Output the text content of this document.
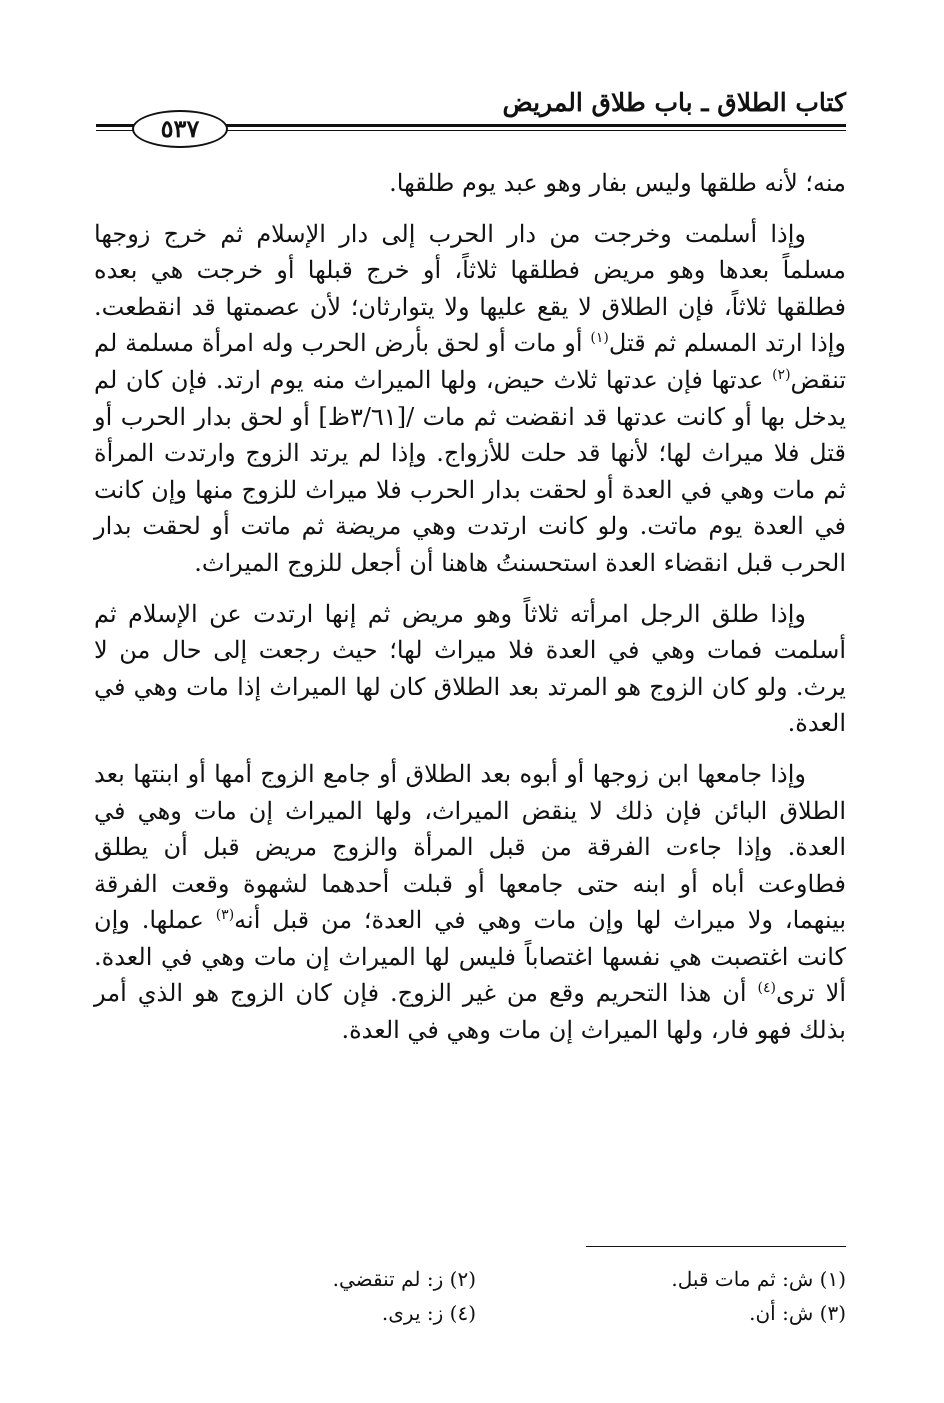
كتاب الطلاق ـ باب طلاق المريض
٥٣٧

منه؛ لأنه طلقها وليس بفار وهو عبد يوم طلقها.

وإذا أسلمت وخرجت من دار الحرب إلى دار الإسلام ثم خرج زوجها مسلماً بعدها وهو مريض فطلقها ثلاثاً، أو خرج قبلها أو خرجت هي بعده فطلقها ثلاثاً، فإن الطلاق لا يقع عليها ولا يتوارثان؛ لأن عصمتها قد انقطعت. وإذا ارتد المسلم ثم قتل$^{(١)}$ أو مات أو لحق بأرض الحرب وله امرأة مسلمة لم تنقض$^{(٢)}$ عدتها فإن عدتها ثلاث حيض، ولها الميراث منه يوم ارتد. فإن كان لم يدخل بها أو كانت عدتها قد انقضت ثم مات /[٣/٦١ظ] أو لحق بدار الحرب أو قتل فلا ميراث لها؛ لأنها قد حلت للأزواج. وإذا لم يرتد الزوج وارتدت المرأة ثم مات وهي في العدة أو لحقت بدار الحرب فلا ميراث للزوج منها وإن كانت في العدة يوم ماتت. ولو كانت ارتدت وهي مريضة ثم ماتت أو لحقت بدار الحرب قبل انقضاء العدة استحسنتُ هاهنا أن أجعل للزوج الميراث.

وإذا طلق الرجل امرأته ثلاثاً وهو مريض ثم إنها ارتدت عن الإسلام ثم أسلمت فمات وهي في العدة فلا ميراث لها؛ حيث رجعت إلى حال من لا يرث. ولو كان الزوج هو المرتد بعد الطلاق كان لها الميراث إذا مات وهي في العدة.

وإذا جامعها ابن زوجها أو أبوه بعد الطلاق أو جامع الزوج أمها أو ابنتها بعد الطلاق البائن فإن ذلك لا ينقض الميراث، ولها الميراث إن مات وهي في العدة. وإذا جاءت الفرقة من قبل المرأة والزوج مريض قبل أن يطلق فطاوعت أباه أو ابنه حتى جامعها أو قبلت أحدهما لشهوة وقعت الفرقة بينهما، ولا ميراث لها وإن مات وهي في العدة؛ من قبل أنه$^{(٣)}$ عملها. وإن كانت اغتصبت هي نفسها اغتصاباً فليس لها الميراث إن مات وهي في العدة. ألا ترى$^{(٤)}$ أن هذا التحريم وقع من غير الزوج. فإن كان الزوج هو الذي أمر بذلك فهو فار، ولها الميراث إن مات وهي في العدة.

(١) ش: ثم مات قبل.
(٢) ز: لم تنقضي.
(٣) ش: أن.
(٤) ز: يرى.
